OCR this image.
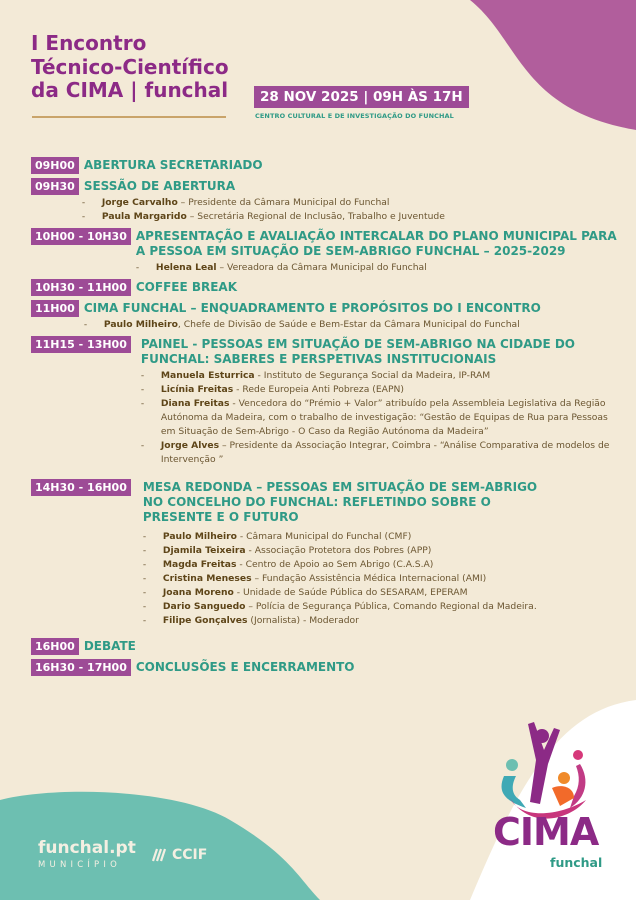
I Encontro
Técnico-Científico
da CIMA | funchal	28 NOV 2025 | 09H ÀS 17H
CENTRO CULTURAL E DE INVESTIGAÇÃO DO FUNCHAL
09H00 ABERTURA SECRETARIADO
09H30 SESSÃO DE ABERTURA
- Jorge Carvalho – Presidente da Câmara Municipal do Funchal
- Paula Margarido – Secretária Regional de Inclusão, Trabalho e Juventude
10H00 - 10H30 APRESENTAÇÃO E AVALIAÇÃO INTERCALAR DO PLANO MUNICIPAL PARA A PESSOA EM SITUAÇÃO DE SEM-ABRIGO FUNCHAL – 2025-2029
- Helena Leal – Vereadora da Câmara Municipal do Funchal
10H30 - 11H00 COFFEE BREAK
11H00 CIMA FUNCHAL – ENQUADRAMENTO E PROPÓSITOS DO I ENCONTRO
- Paulo Milheiro, Chefe de Divisão de Saúde e Bem-Estar da Câmara Municipal do Funchal
11H15 - 13H00	PAINEL - PESSOAS EM SITUAÇÃO DE SEM-ABRIGO NA CIDADE DO FUNCHAL: SABERES E PERSPETIVAS INSTITUCIONAIS
- Manuela Esturrica - Instituto de Segurança Social da Madeira, IP-RAM
- Licínia Freitas - Rede Europeia Anti Pobreza (EAPN)
- Diana Freitas - Vencedora do “Prémio + Valor” atribuído pela Assembleia Legislativa da Região Autónoma da Madeira, com o trabalho de investigação: “Gestão de Equipas de Rua para Pessoas em Situação de Sem-Abrigo - O Caso da Região Autónoma da Madeira”
- Jorge Alves – Presidente da Associação Integrar, Coimbra - “Análise Comparativa de modelos de Intervenção ”
14H30 - 16H00	MESA REDONDA – PESSOAS EM SITUAÇÃO DE SEM-ABRIGO NO CONCELHO DO FUNCHAL: REFLETINDO SOBRE O PRESENTE E O FUTURO
- Paulo Milheiro - Câmara Municipal do Funchal (CMF)
- Djamila Teixeira - Associação Protetora dos Pobres (APP)
- Magda Freitas - Centro de Apoio ao Sem Abrigo (C.A.S.A)
- Cristina Meneses – Fundação Assistência Médica Internacional (AMI)
- Joana Moreno - Unidade de Saúde Pública do SESARAM, EPERAM
- Dario Sanguedo – Polícia de Segurança Pública, Comando Regional da Madeira.
- Filipe Gonçalves (Jornalista) - Moderador
16H00 DEBATE
16H30 - 17H00 CONCLUSÕES E ENCERRAMENTO
funchal.pt
MUNICÍPIO
CCIF
CIMA
funchal
